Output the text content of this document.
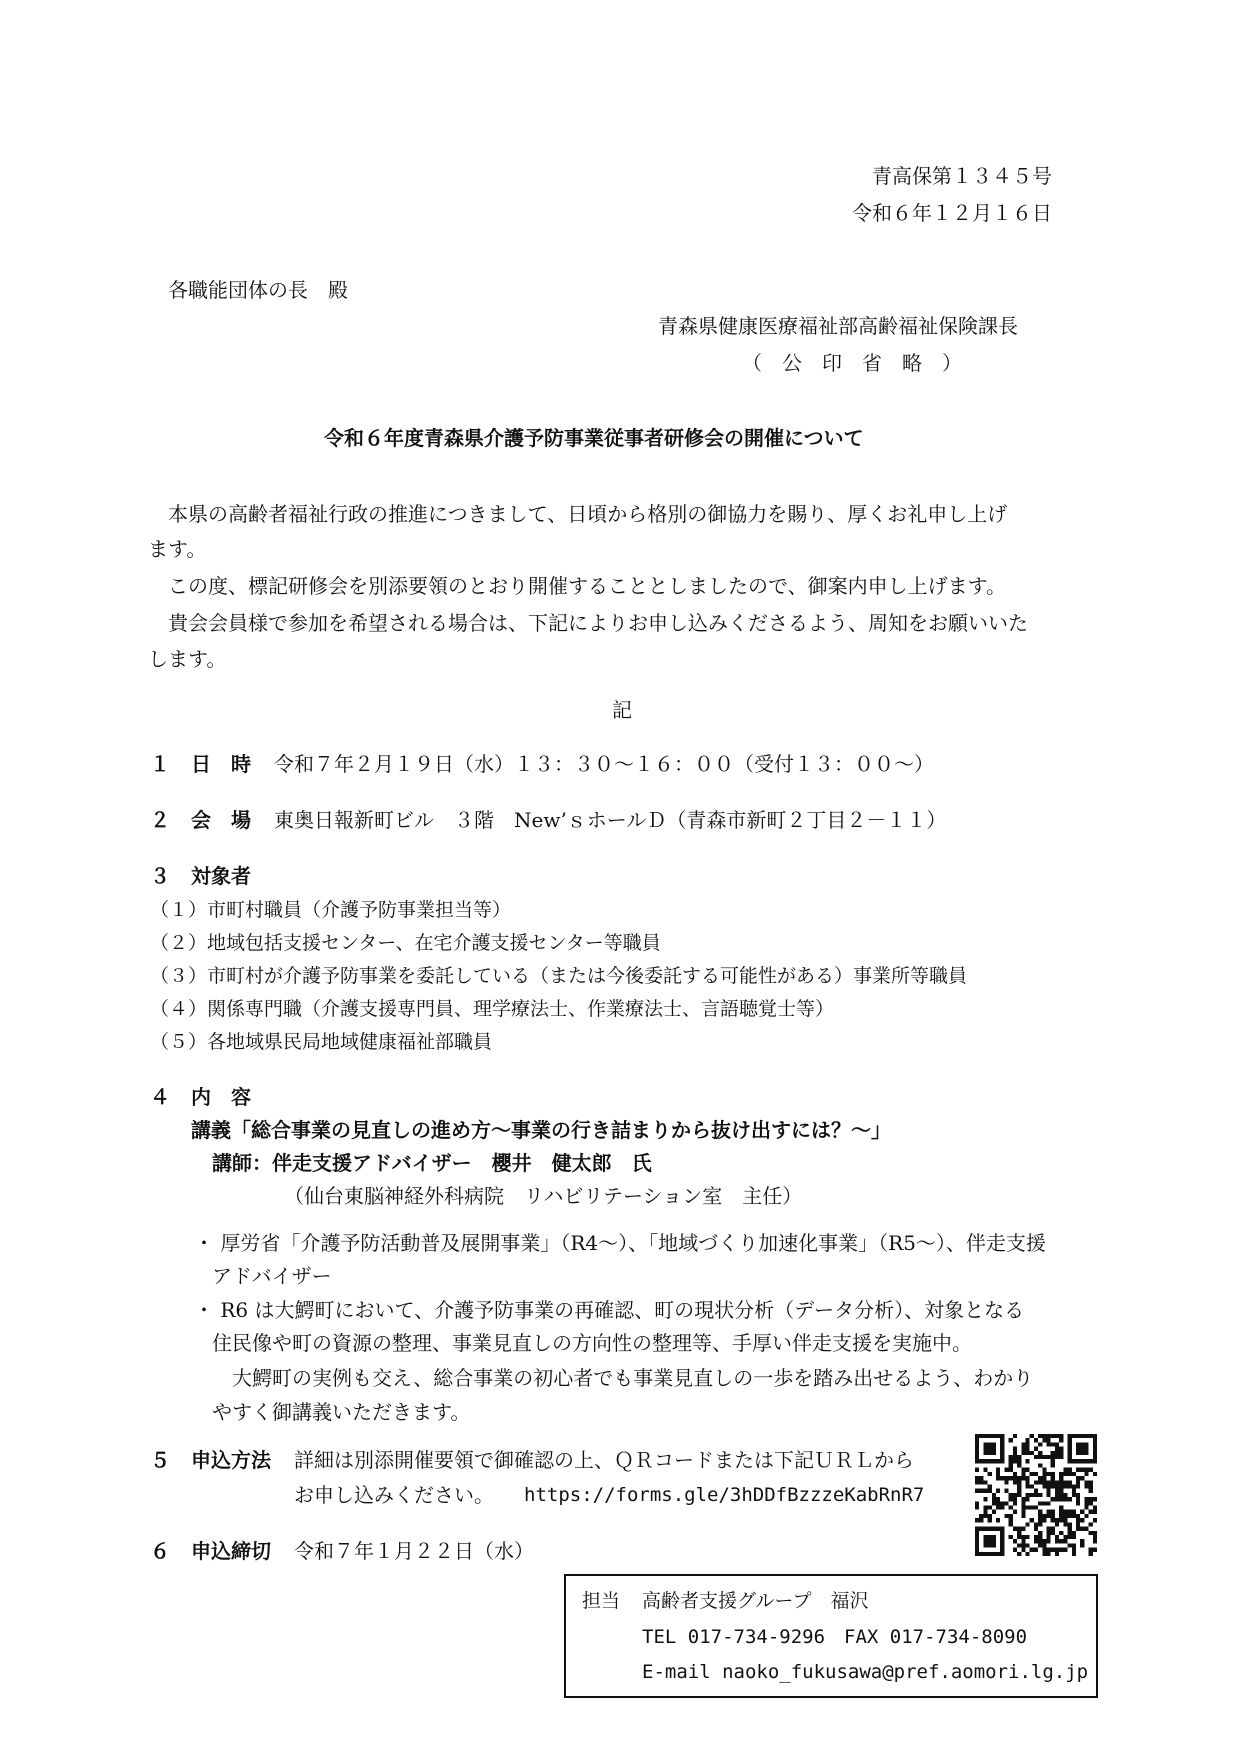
青高保第１３４５号
令和６年１２月１６日
各職能団体の長　殿
青森県健康医療福祉部高齢福祉保険課長
（　公　印　省　略　）
令和６年度青森県介護予防事業従事者研修会の開催について
本県の高齢者福祉行政の推進につきまして、日頃から格別の御協力を賜り、厚くお礼申し上げ
ます。
この度、標記研修会を別添要領のとおり開催することとしましたので、御案内申し上げます。
貴会会員様で参加を希望される場合は、下記によりお申し込みくださるよう、周知をお願いいた
します。
記
１ 日　時 令和７年２月１９日（水）１３：３０～１６：００（受付１３：００～）
２ 会　場 東奥日報新町ビル　３階　New’ｓホールＤ（青森市新町２丁目２－１１）
３ 対象者
（１）市町村職員（介護予防事業担当等）
（２）地域包括支援センター、在宅介護支援センター等職員
（３）市町村が介護予防事業を委託している（または今後委託する可能性がある）事業所等職員
（４）関係専門職（介護支援専門員、理学療法士、作業療法士、言語聴覚士等）
（５）各地域県民局地域健康福祉部職員
４ 内　容
講義「総合事業の見直しの進め方～事業の行き詰まりから抜け出すには？～」
講師：伴走支援アドバイザー　櫻井　健太郎　氏
（仙台東脳神経外科病院　リハビリテーション室　主任）
・ 厚労省「介護予防活動普及展開事業」（R4～）、「地域づくり加速化事業」（R5～）、伴走支援
アドバイザー
・ R6 は大鰐町において、介護予防事業の再確認、町の現状分析（データ分析）、対象となる
住民像や町の資源の整理、事業見直しの方向性の整理等、手厚い伴走支援を実施中。
大鰐町の実例も交え、総合事業の初心者でも事業見直しの一歩を踏み出せるよう、わかり
やすく御講義いただきます。
５ 申込方法 詳細は別添開催要領で御確認の上、ＱＲコードまたは下記ＵＲＬから
お申し込みください。 https://forms.gle/3hDDfBzzzeKabRnR7
６ 申込締切 令和７年１月２２日（水）
担当 高齢者支援グループ　福沢
TEL 017-734-9296　FAX 017-734-8090
E-mail naoko_fukusawa@pref.aomori.lg.jp
